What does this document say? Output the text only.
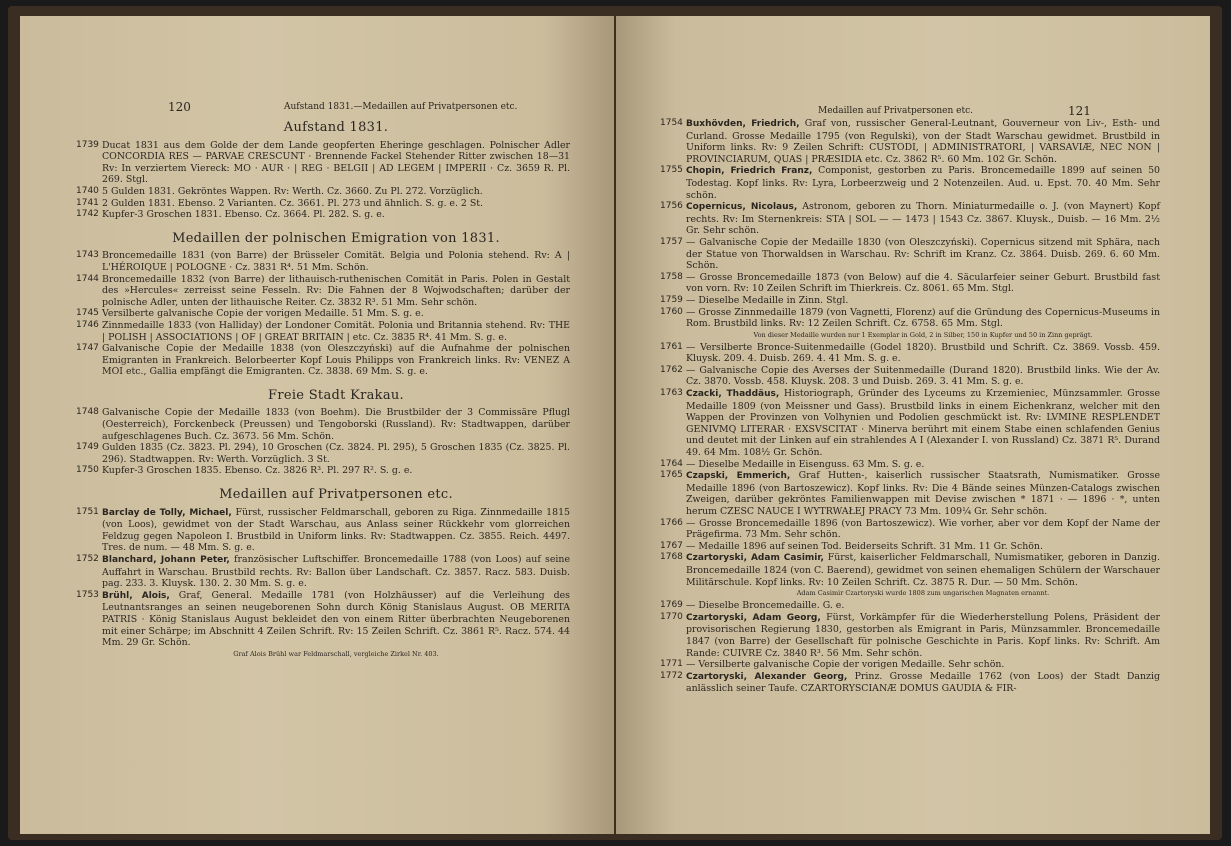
120	Aufstand 1831.—Medaillen auf Privatpersonen etc.	121
Medaillen auf Privatpersonen etc.
Aufstand 1831.
1739 Ducat 1831 aus dem Golde der dem Lande geopferten Eheringe geschlagen. Polnischer Adler CONCORDIA RES — PARVAE CRESCUNT · Brennende Fackel Stehender Ritter zwischen 18—31 Rv: In verziertem Viereck: MO · AUR · | REG · BELGII | AD LEGEM | IMPERII · Cz. 3659 R. Pl. 269. Stgl.
1740 5 Gulden 1831. Gekröntes Wappen. Rv: Werth. Cz. 3660. Zu Pl. 272. Vorzüglich.
1741 2 Gulden 1831. Ebenso. 2 Varianten. Cz. 3661. Pl. 273 und ähnlich. S. g. e. 2 St.
1742 Kupfer-3 Groschen 1831. Ebenso. Cz. 3664. Pl. 282. S. g. e.
Medaillen der polnischen Emigration von 1831.
1743 Broncemedaille 1831 (von Barre) der Brüsseler Comität. Belgia und Polonia stehend. Rv: A | L'HÉROIQUE | POLOGNE · Cz. 3831 R⁴. 51 Mm. Schön.
1744 Broncemedaille 1832 (von Barre) der lithauisch-ruthenischen Comität in Paris. Polen in Gestalt des »Hercules« zerreisst seine Fesseln. Rv: Die Fahnen der 8 Wojwodschaften; darüber der polnische Adler, unten der lithauische Reiter. Cz. 3832 R³. 51 Mm. Sehr schön.
1745 Versilberte galvanische Copie der vorigen Medaille. 51 Mm. S. g. e.
1746 Zinnmedaille 1833 (von Halliday) der Londoner Comität. Polonia und Britannia stehend. Rv: THE | POLISH | ASSOCIATIONS | OF | GREAT BRITAIN | etc. Cz. 3835 R⁴. 41 Mm. S. g. e.
1747 Galvanische Copie der Medaille 1838 (von Oleszczyński) auf die Aufnahme der polnischen Emigranten in Frankreich. Belorbeerter Kopf Louis Philipps von Frankreich links. Rv: VENEZ A MOI etc., Gallia empfängt die Emigranten. Cz. 3838. 69 Mm. S. g. e.
Freie Stadt Krakau.
1748 Galvanische Copie der Medaille 1833 (von Boehm). Die Brustbilder der 3 Commissäre Pflugl (Oesterreich), Forckenbeck (Preussen) und Tengoborski (Russland). Rv: Stadtwappen, darüber aufgeschlagenes Buch. Cz. 3673. 56 Mm. Schön.
1749 Gulden 1835 (Cz. 3823. Pl. 294), 10 Groschen (Cz. 3824. Pl. 295), 5 Groschen 1835 (Cz. 3825. Pl. 296). Stadtwappen. Rv: Werth. Vorzüglich. 3 St.
1750 Kupfer-3 Groschen 1835. Ebenso. Cz. 3826 R³. Pl. 297 R². S. g. e.
Medaillen auf Privatpersonen etc.
1751 Barclay de Tolly, Michael, Fürst, russischer Feldmarschall, geboren zu Riga. Zinnmedaille 1815 (von Loos), gewidmet von der Stadt Warschau, aus Anlass seiner Rückkehr vom glorreichen Feldzug gegen Napoleon I. Brustbild in Uniform links. Rv: Stadtwappen. Cz. 3855. Reich. 4497. Tres. de num. — 48 Mm. S. g. e.
1752 Blanchard, Johann Peter, französischer Luftschiffer. Broncemedaille 1788 (von Loos) auf seine Auffahrt in Warschau. Brustbild rechts. Rv: Ballon über Landschaft. Cz. 3857. Racz. 583. Duisb. pag. 233. 3. Kluysk. 130. 2. 30 Mm. S. g. e.
1753 Brühl, Alois, Graf, General. Medaille 1781 (von Holzhäusser) auf die Verleihung des Leutnantsranges an seinen neugeborenen Sohn durch König Stanislaus August. OB MERITA PATRIS · König Stanislaus August bekleidet den von einem Ritter überbrachten Neugeborenen mit einer Schärpe; im Abschnitt 4 Zeilen Schrift. Rv: 15 Zeilen Schrift. Cz. 3861 R⁵. Racz. 574. 44 Mm. 29 Gr. Schön.
Graf Alois Brühl war Feldmarschall, vergleiche Zirkel Nr. 403.
1754 Buxhövden, Friedrich, Graf von, russischer General-Leutnant, Gouverneur von Liv-, Esth- und Curland. Grosse Medaille 1795 (von Regulski), von der Stadt Warschau gewidmet. Brustbild in Uniform links. Rv: 9 Zeilen Schrift: CUSTODI, | ADMINISTRATORI, | VARSAVIÆ, NEC NON | PROVINCIARUM, QUAS | PRÆSIDIA etc. Cz. 3862 R⁵. 60 Mm. 102 Gr. Schön.
1755 Chopin, Friedrich Franz, Componist, gestorben zu Paris. Broncemedaille 1899 auf seinen 50 Todestag. Kopf links. Rv: Lyra, Lorbeerzweig und 2 Notenzeilen. Aud. u. Epst. 70. 40 Mm. Sehr schön.
1756 Copernicus, Nicolaus, Astronom, geboren zu Thorn. Miniaturmedaille o. J. (von Maynert) Kopf rechts. Rv: Im Sternenkreis: STA | SOL — — 1473 | 1543 Cz. 3867. Kluysk., Duisb. — 16 Mm. 2½ Gr. Sehr schön.
1757 — Galvanische Copie der Medaille 1830 (von Oleszczyński). Copernicus sitzend mit Sphära, nach der Statue von Thorwaldsen in Warschau. Rv: Schrift im Kranz. Cz. 3864. Duisb. 269. 6. 60 Mm. Schön.
1758 — Grosse Broncemedaille 1873 (von Below) auf die 4. Säcularfeier seiner Geburt. Brustbild fast von vorn. Rv: 10 Zeilen Schrift im Thierkreis. Cz. 8061. 65 Mm. Stgl.
1759 — Dieselbe Medaille in Zinn. Stgl.
1760 — Grosse Zinnmedaille 1879 (von Vagnetti, Florenz) auf die Gründung des Copernicus-Museums in Rom. Brustbild links. Rv: 12 Zeilen Schrift. Cz. 6758. 65 Mm. Stgl.
Von dieser Medaille wurden nur 1 Exemplar in Gold, 2 in Silber, 150 in Kupfer und 50 in Zinn geprägt.
1761 — Versilberte Bronce-Suitenmedaille (Godel 1820). Brustbild und Schrift. Cz. 3869. Vossb. 459. Kluysk. 209. 4. Duisb. 269. 4. 41 Mm. S. g. e.
1762 — Galvanische Copie des Averses der Suitenmedaille (Durand 1820). Brustbild links. Wie der Av. Cz. 3870. Vossb. 458. Kluysk. 208. 3 und Duisb. 269. 3. 41 Mm. S. g. e.
1763 Czacki, Thaddäus, Historiograph, Gründer des Lyceums zu Krzemieniec, Münzsammler. Grosse Medaille 1809 (von Meissner und Gass). Brustbild links in einem Eichenkranz, welcher mit den Wappen der Provinzen von Volhynien und Podolien geschmückt ist. Rv: LVMINE RESPLENDET GENIVMQ LITERAR · EXSVSCITAT · Minerva berührt mit einem Stabe einen schlafenden Genius und deutet mit der Linken auf ein strahlendes A I (Alexander I. von Russland) Cz. 3871 R⁵. Durand 49. 64 Mm. 108½ Gr. Schön.
1764 — Dieselbe Medaille in Eisenguss. 63 Mm. S. g. e.
1765 Czapski, Emmerich, Graf Hutten-, kaiserlich russischer Staatsrath, Numismatiker. Grosse Medaille 1896 (von Bartoszewicz). Kopf links. Rv: Die 4 Bände seines Münzen-Catalogs zwischen Zweigen, darüber gekröntes Familienwappen mit Devise zwischen * 1871 · — 1896 · *, unten herum CZESC NAUCE I WYTRWAŁEJ PRACY 73 Mm. 109¼ Gr. Sehr schön.
1766 — Grosse Broncemedaille 1896 (von Bartoszewicz). Wie vorher, aber vor dem Kopf der Name der Prägefirma. 73 Mm. Sehr schön.
1767 — Medaille 1896 auf seinen Tod. Beiderseits Schrift. 31 Mm. 11 Gr. Schön.
1768 Czartoryski, Adam Casimir, Fürst, kaiserlicher Feldmarschall, Numismatiker, geboren in Danzig. Broncemedaille 1824 (von C. Baerend), gewidmet von seinen ehemaligen Schülern der Warschauer Militärschule. Kopf links. Rv: 10 Zeilen Schrift. Cz. 3875 R. Dur. — 50 Mm. Schön.
Adam Casimir Czartoryski wurde 1808 zum ungarischen Magnaten ernannt.
1769 — Dieselbe Broncemedaille. G. e.
1770 Czartoryski, Adam Georg, Fürst, Vorkämpfer für die Wiederherstellung Polens, Präsident der provisorischen Regierung 1830, gestorben als Emigrant in Paris, Münzsammler. Broncemedaille 1847 (von Barre) der Gesellschaft für polnische Geschichte in Paris. Kopf links. Rv: Schrift. Am Rande: CUIVRE Cz. 3840 R³. 56 Mm. Sehr schön.
1771 — Versilberte galvanische Copie der vorigen Medaille. Sehr schön.
1772 Czartoryski, Alexander Georg, Prinz. Grosse Medaille 1762 (von Loos) der Stadt Danzig anlässlich seiner Taufe. CZARTORYSCIANÆ DOMUS GAUDIA & FIR-
